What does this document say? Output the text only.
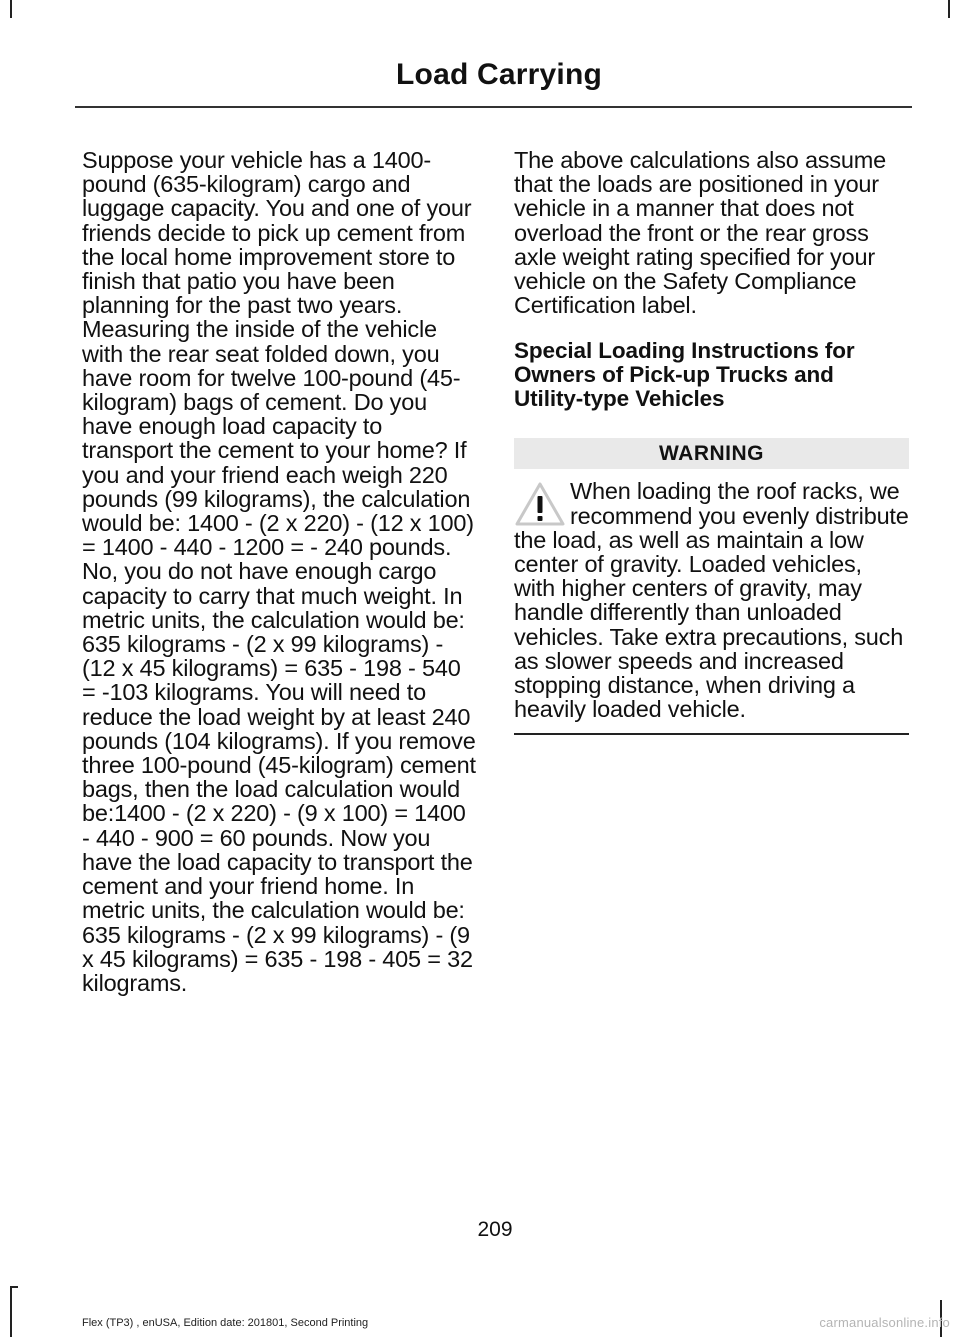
Load Carrying

Suppose your vehicle has a 1400-pound (635-kilogram) cargo and luggage capacity. You and one of your friends decide to pick up cement from the local home improvement store to finish that patio you have been planning for the past two years. Measuring the inside of the vehicle with the rear seat folded down, you have room for twelve 100-pound (45-kilogram) bags of cement. Do you have enough load capacity to transport the cement to your home? If you and your friend each weigh 220 pounds (99 kilograms), the calculation would be: 1400 - (2 x 220) - (12 x 100) = 1400 - 440 - 1200 = - 240 pounds. No, you do not have enough cargo capacity to carry that much weight. In metric units, the calculation would be: 635 kilograms - (2 x 99 kilograms) - (12 x 45 kilograms) = 635 - 198 - 540 = -103 kilograms. You will need to reduce the load weight by at least 240 pounds (104 kilograms). If you remove three 100-pound (45-kilogram) cement bags, then the load calculation would be:1400 - (2 x 220) - (9 x 100) = 1400 - 440 - 900 = 60 pounds. Now you have the load capacity to transport the cement and your friend home. In metric units, the calculation would be: 635 kilograms - (2 x 99 kilograms) - (9 x 45 kilograms) = 635 - 198 - 405 = 32 kilograms.

The above calculations also assume that the loads are positioned in your vehicle in a manner that does not overload the front or the rear gross axle weight rating specified for your vehicle on the Safety Compliance Certification label.

Special Loading Instructions for Owners of Pick-up Trucks and Utility-type Vehicles
WARNING

When loading the roof racks, we recommend you evenly distribute the load, as well as maintain a low center of gravity. Loaded vehicles, with higher centers of gravity, may handle differently than unloaded vehicles. Take extra precautions, such as slower speeds and increased stopping distance, when driving a heavily loaded vehicle.

209
Flex (TP3) , enUSA, Edition date: 201801, Second Printing	carmanualsonline.info
